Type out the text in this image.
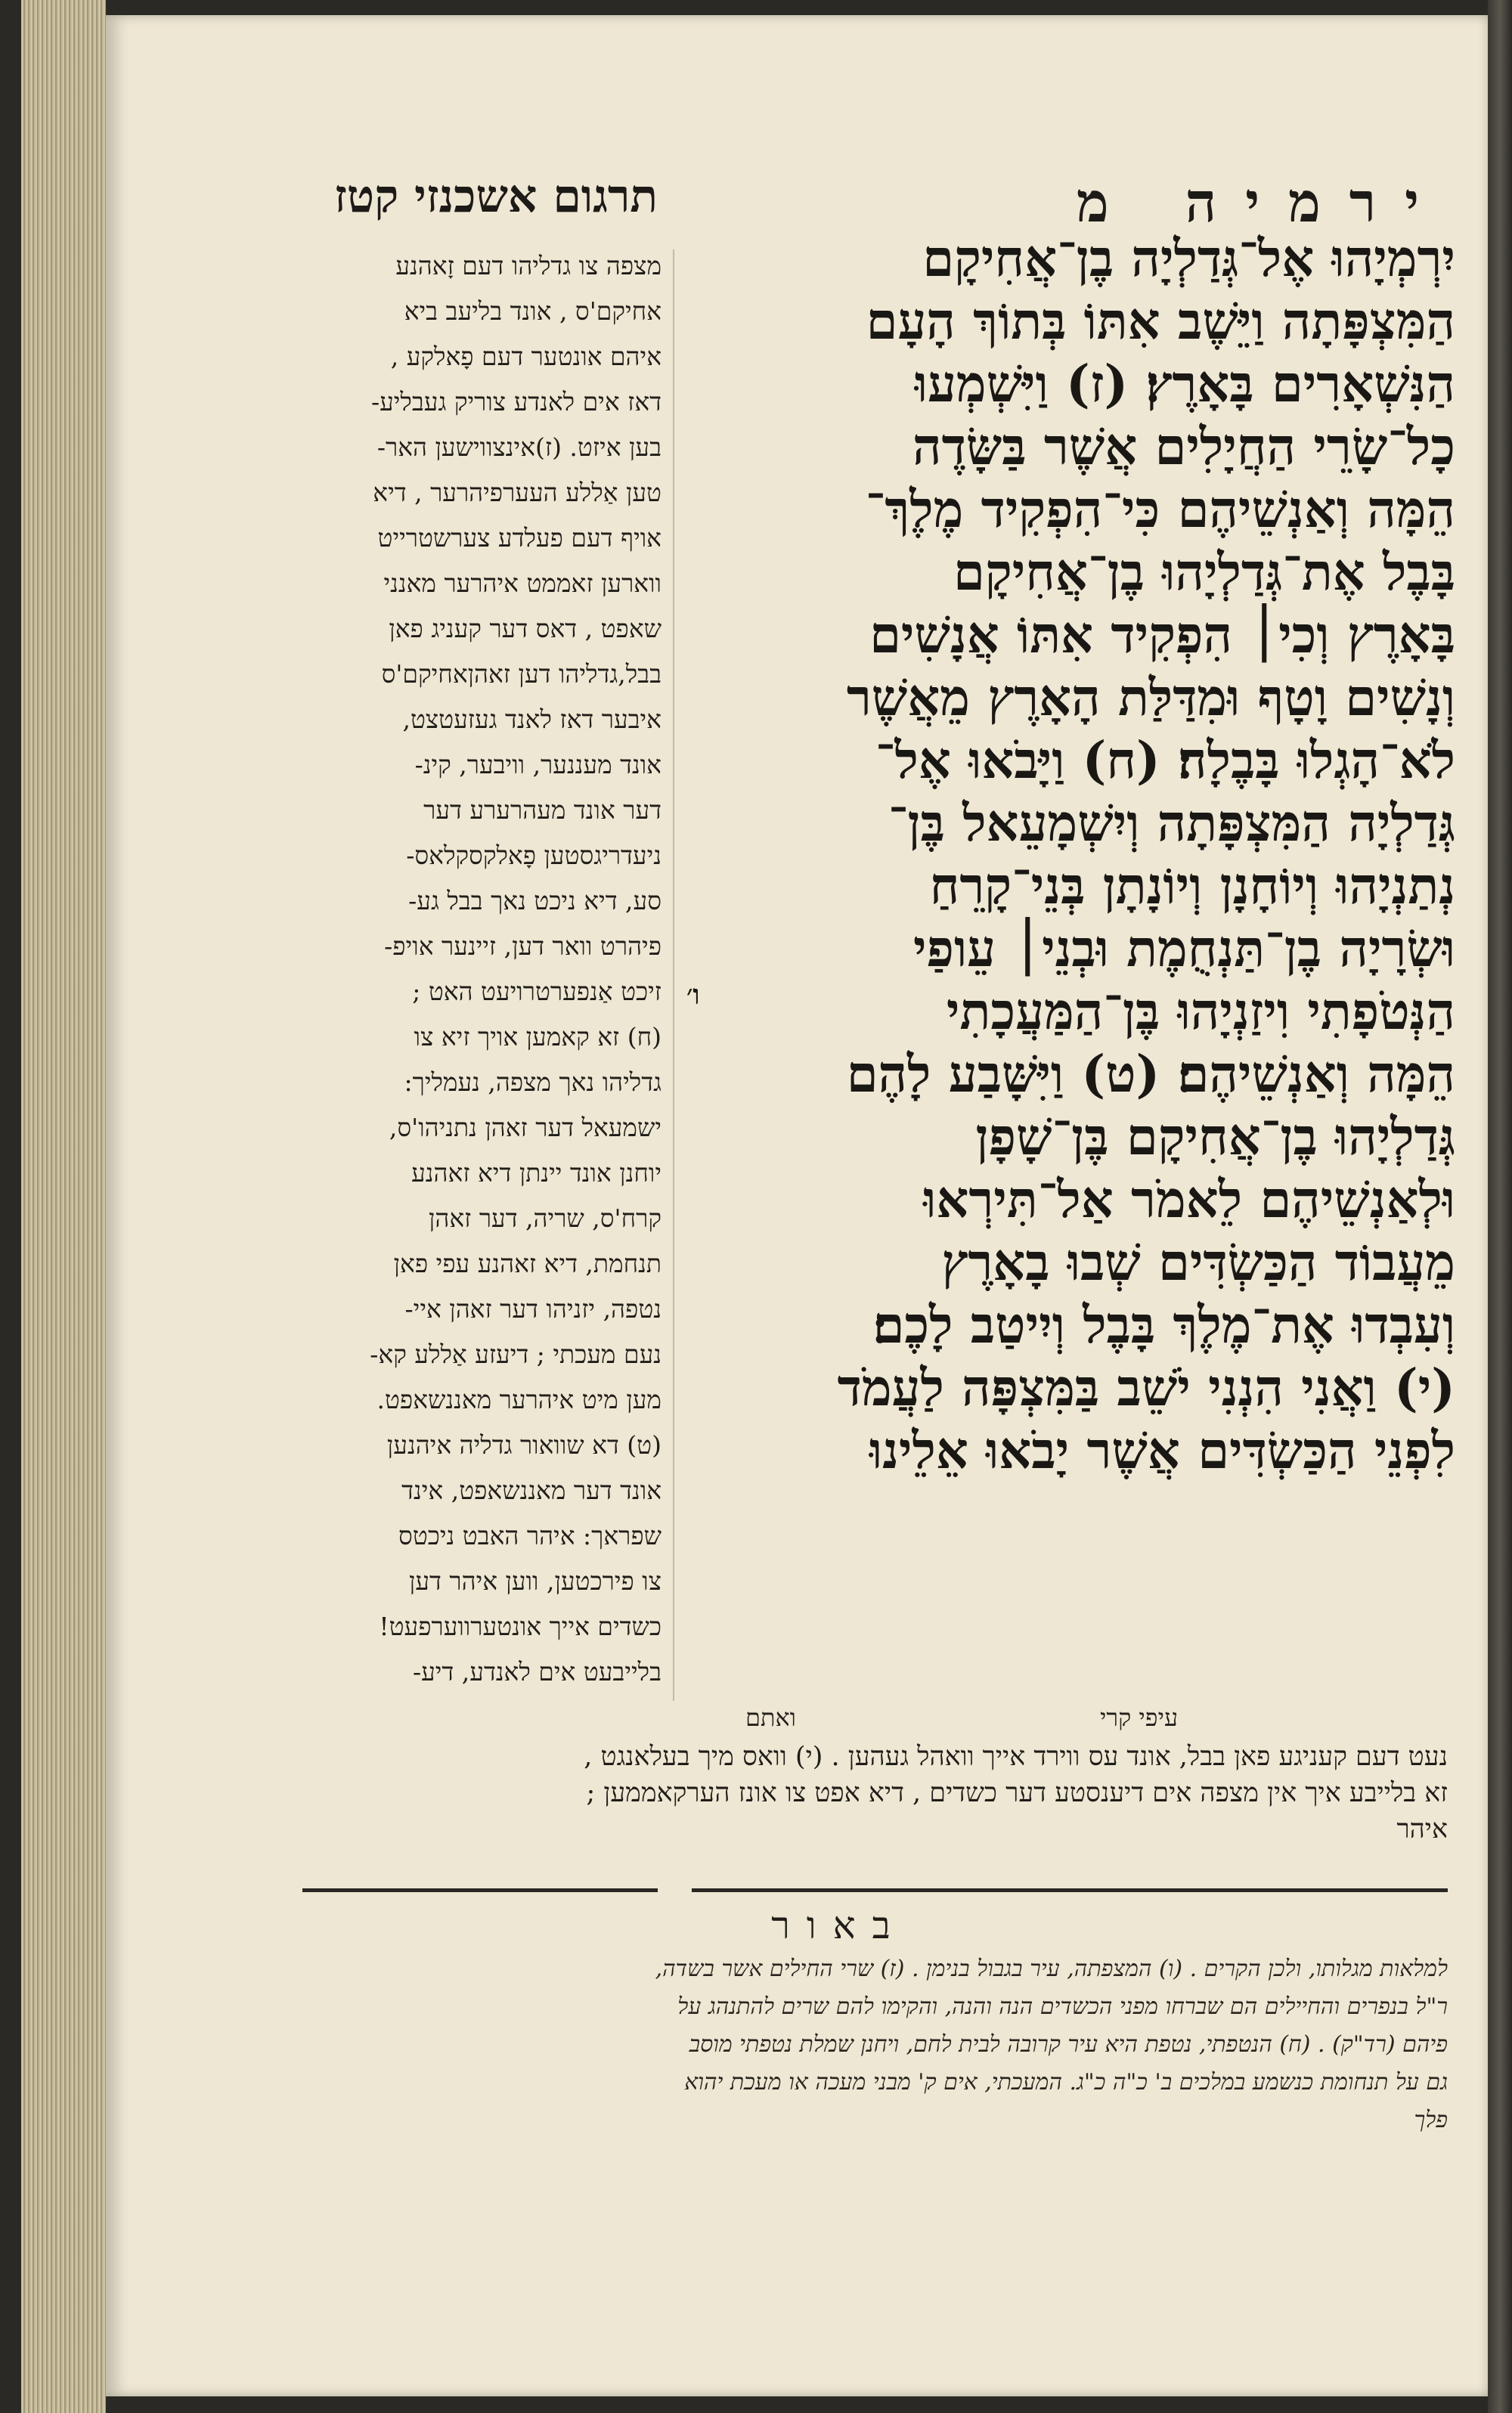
ירמיה מ
תרגום אשכנזי קטז
יִרְמְיָהוּ אֶל־גְּדַלְיָה בֶן־אֲחִיקָם
הַמִּצְפָּתָה וַיֵּשֶׁב אִתּוֹ בְּתוֹךְ הָעָם
הַנִּשְׁאָרִים בָּאָרֶץ׃ (ז) וַיִּשְׁמְעוּ
כָל־שָׂרֵי הַחֲיָלִים אֲשֶׁר בַּשָּׂדֶה
הֵמָּה וְאַנְשֵׁיהֶם כִּי־הִפְקִיד מֶלֶךְ־
בָּבֶל אֶת־גְּדַלְיָהוּ בֶן־אֲחִיקָם
בָּאָרֶץ וְכִי׀ הִפְקִיד אִתּוֹ אֲנָשִׁים
וְנָשִׁים וָטָף וּמִדַּלַּת הָאָרֶץ מֵאֲשֶׁר
לֹא־הָגְלוּ בָּבֶלָה׃ (ח) וַיָּבֹאוּ אֶל־
גְּדַלְיָה הַמִּצְפָּתָה וְיִשְׁמָעֵאל בֶּן־
נְתַנְיָהוּ וְיוֹחָנָן וְיוֹנָתָן בְּנֵי־קָרֵחַ
וּשְׂרָיָה בֶן־תַּנְחֻמֶת וּבְנֵי׀ עֵופַי
הַנְּטֹפָתִי וִיזַנְיָהוּ בֶּן־הַמַּעֲכָתִי
הֵמָּה וְאַנְשֵׁיהֶם׃ (ט) וַיִּשָּׁבַע לָהֶם
גְּדַלְיָהוּ בֶן־אֲחִיקָם בֶּן־שָׁפָן
וּלְאַנְשֵׁיהֶם לֵאמֹר אַל־תִּירְאוּ
מֵעֲבוֹד הַכַּשְׂדִּים שְׁבוּ בָאָרֶץ
וְעִבְדוּ אֶת־מֶלֶךְ בָּבֶל וְיִיטַב לָכֶם׃
(י) וַאֲנִי הִנְנִי יֹשֵׁב בַּמִּצְפָּה לַעֲמֹד
לִפְנֵי הַכַּשְׂדִּים אֲשֶׁר יָבֹאוּ אֵלֵינוּ
ו׳
מצפה צו גדליהו דעם זָאהנע
אחיקם'ס , אונד בליעב ביא
איהם אונטער דעם פָאלקע ,
דאז אים לאנדע צוריק געבליע-
בען איזט. (ז)אינצווישען האר-
טען אַללע העערפיהרער , דיא
אויף דעם פעלדע צערשטרייט
ווארען זאממט איהרער מאנני
שאפט , דאס דער קעניג פאן
בבל,גדליהו דען זאהןאחיקם'ס
איבער דאז לאנד געזעטצט,
אונד מעננער, וויבער, קינ-
דער אונד מעהרערע דער
ניעדריגסטען פָאלקסקלאס-
סע, דיא ניכט נאך בבל גע-
פיהרט וואר דען, זיינער אויפ-
זיכט אַנפערטרויעט האט ;
(ח) זא קאמען אויך זיא צו
גדליהו נאך מצפה, נעמליך:
ישמעאל דער זאהן נתניהו'ס,
יוחנן אונד יינתן דיא זאהנע
קרח'ס, שריה, דער זאהן
תנחמת, דיא זאהנע עפי פאן
נטפה, יזניהו דער זאהן איי-
נעם מעכתי ; דיעזע אַללע קא-
מען מיט איהרער מאננשאפט.
(ט) דא שוואור גדליה איהנען
אונד דער מאננשאפט, אינד
שפראך: איהר האבט ניכטס
צו פירכטען, ווען איהר דען
כשדים אייך אונטערווערפעט!
בלייבעט אים לאנדע, דיע-
עיפי קרי
ואתם
נעט דעם קעניגע פאן בבל, אונד עס ווירד אייך וואהל געהען . (י) וואס מיך בעלאנגט ,
זא בלייבע איך אין מצפה אים דיענסטע דער כשדים , דיא אפט צו אונז הערקאממען ;
איהר
באור
למלאות מגלותו, ולכן הקרים . (ו) המצפתה, עיר בגבול בנימן . (ז) שרי החילים אשר בשדה,
ר"ל בנפרים והחיילים הם שברחו מפני הכשדים הנה והנה, והקימו להם שרים להתנהג על
פיהם (רד"ק) . (ח) הנטפתי, נטפת היא עיר קרובה לבית לחם, ויחנן שמלת נטפתי מוסב
גם על תנחומת כנשמע במלכים ב' כ"ה כ"ג. המעכתי, אים ק' מבני מעכה או מעכת יהוא
פלך
